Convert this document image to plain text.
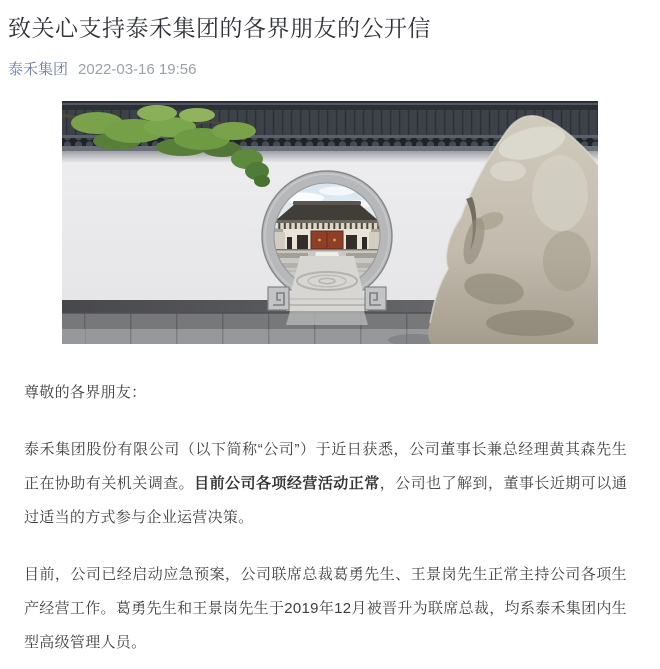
致关心支持泰禾集团的各界朋友的公开信
泰禾集团 2022-03-16 19:56

尊敬的各界朋友：

泰禾集团股份有限公司（以下简称“公司”）于近日获悉，公司董事长兼总经理黄其森先生正在协助有关机关调查。目前公司各项经营活动正常，公司也了解到，董事长近期可以通过适当的方式参与企业运营决策。

目前，公司已经启动应急预案，公司联席总裁葛勇先生、王景岗先生正常主持公司各项生产经营工作。葛勇先生和王景岗先生于2019年12月被晋升为联席总裁，均系泰禾集团内生型高级管理人员。
